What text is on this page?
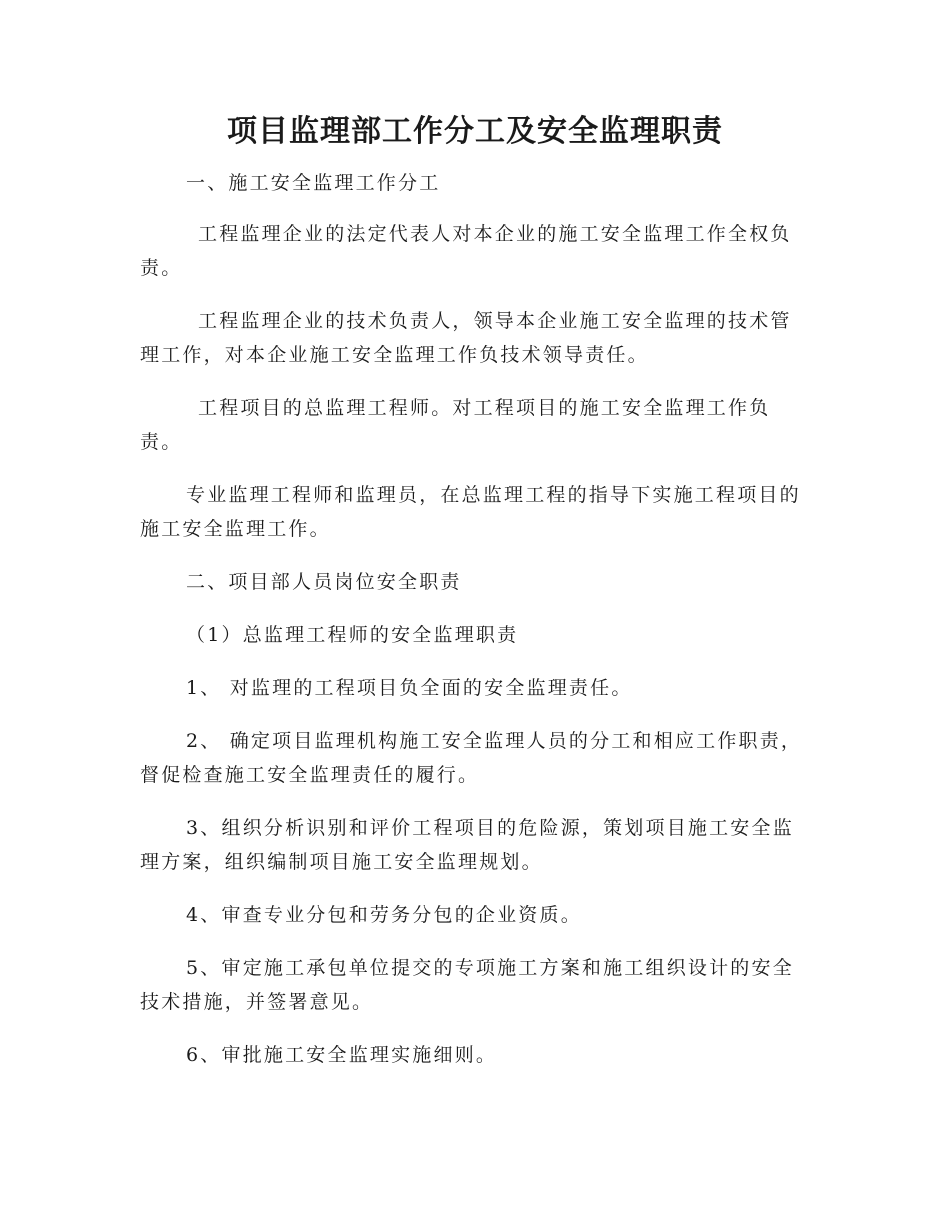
项目监理部工作分工及安全监理职责

一、施工安全监理工作分工

工程监理企业的法定代表人对本企业的施工安全监理工作全权负责。

工程监理企业的技术负责人，领导本企业施工安全监理的技术管理工作，对本企业施工安全监理工作负技术领导责任。

工程项目的总监理工程师。对工程项目的施工安全监理工作负责。

专业监理工程师和监理员，在总监理工程的指导下实施工程项目的施工安全监理工作。

二、项目部人员岗位安全职责

（1）总监理工程师的安全监理职责

1、 对监理的工程项目负全面的安全监理责任。

2、 确定项目监理机构施工安全监理人员的分工和相应工作职责，督促检查施工安全监理责任的履行。

3、组织分析识别和评价工程项目的危险源，策划项目施工安全监理方案，组织编制项目施工安全监理规划。

4、审查专业分包和劳务分包的企业资质。

5、审定施工承包单位提交的专项施工方案和施工组织设计的安全技术措施，并签署意见。

6、审批施工安全监理实施细则。
